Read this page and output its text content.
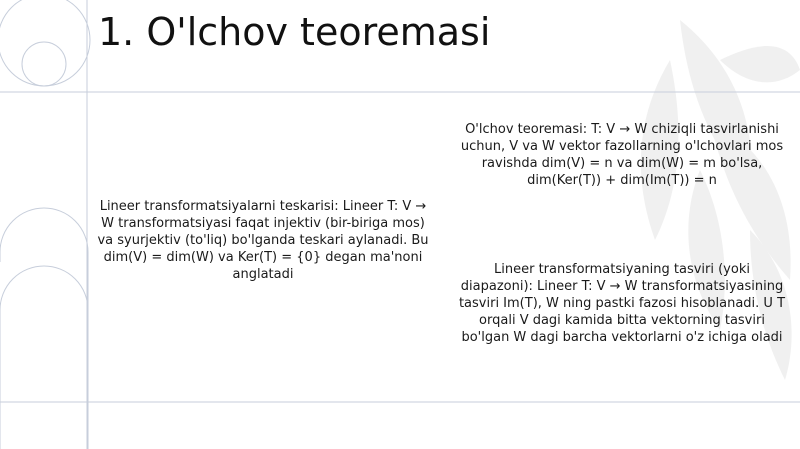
1. O'lchov teoremasi

O'lchov teoremasi: T: V → W chiziqli tasvirlanishi uchun, V va W vektor fazollarning o'lchovlari mos ravishda dim(V) = n va dim(W) = m bo'lsa, dim(Ker(T)) + dim(Im(T)) = n

Lineer transformatsiyalarni teskarisi: Lineer T: V → W transformatsiyasi faqat injektiv (bir-biriga mos) va syurjektiv (to'liq) bo'lganda teskari aylanadi. Bu dim(V) = dim(W) va Ker(T) = {0} degan ma'noni anglatadi	Lineer transformatsiyaning tasviri (yoki diapazoni): Lineer T: V → W transformatsiyasining tasviri Im(T), W ning pastki fazosi hisoblanadi. U T orqali V dagi kamida bitta vektorning tasviri bo'lgan W dagi barcha vektorlarni o'z ichiga oladi
